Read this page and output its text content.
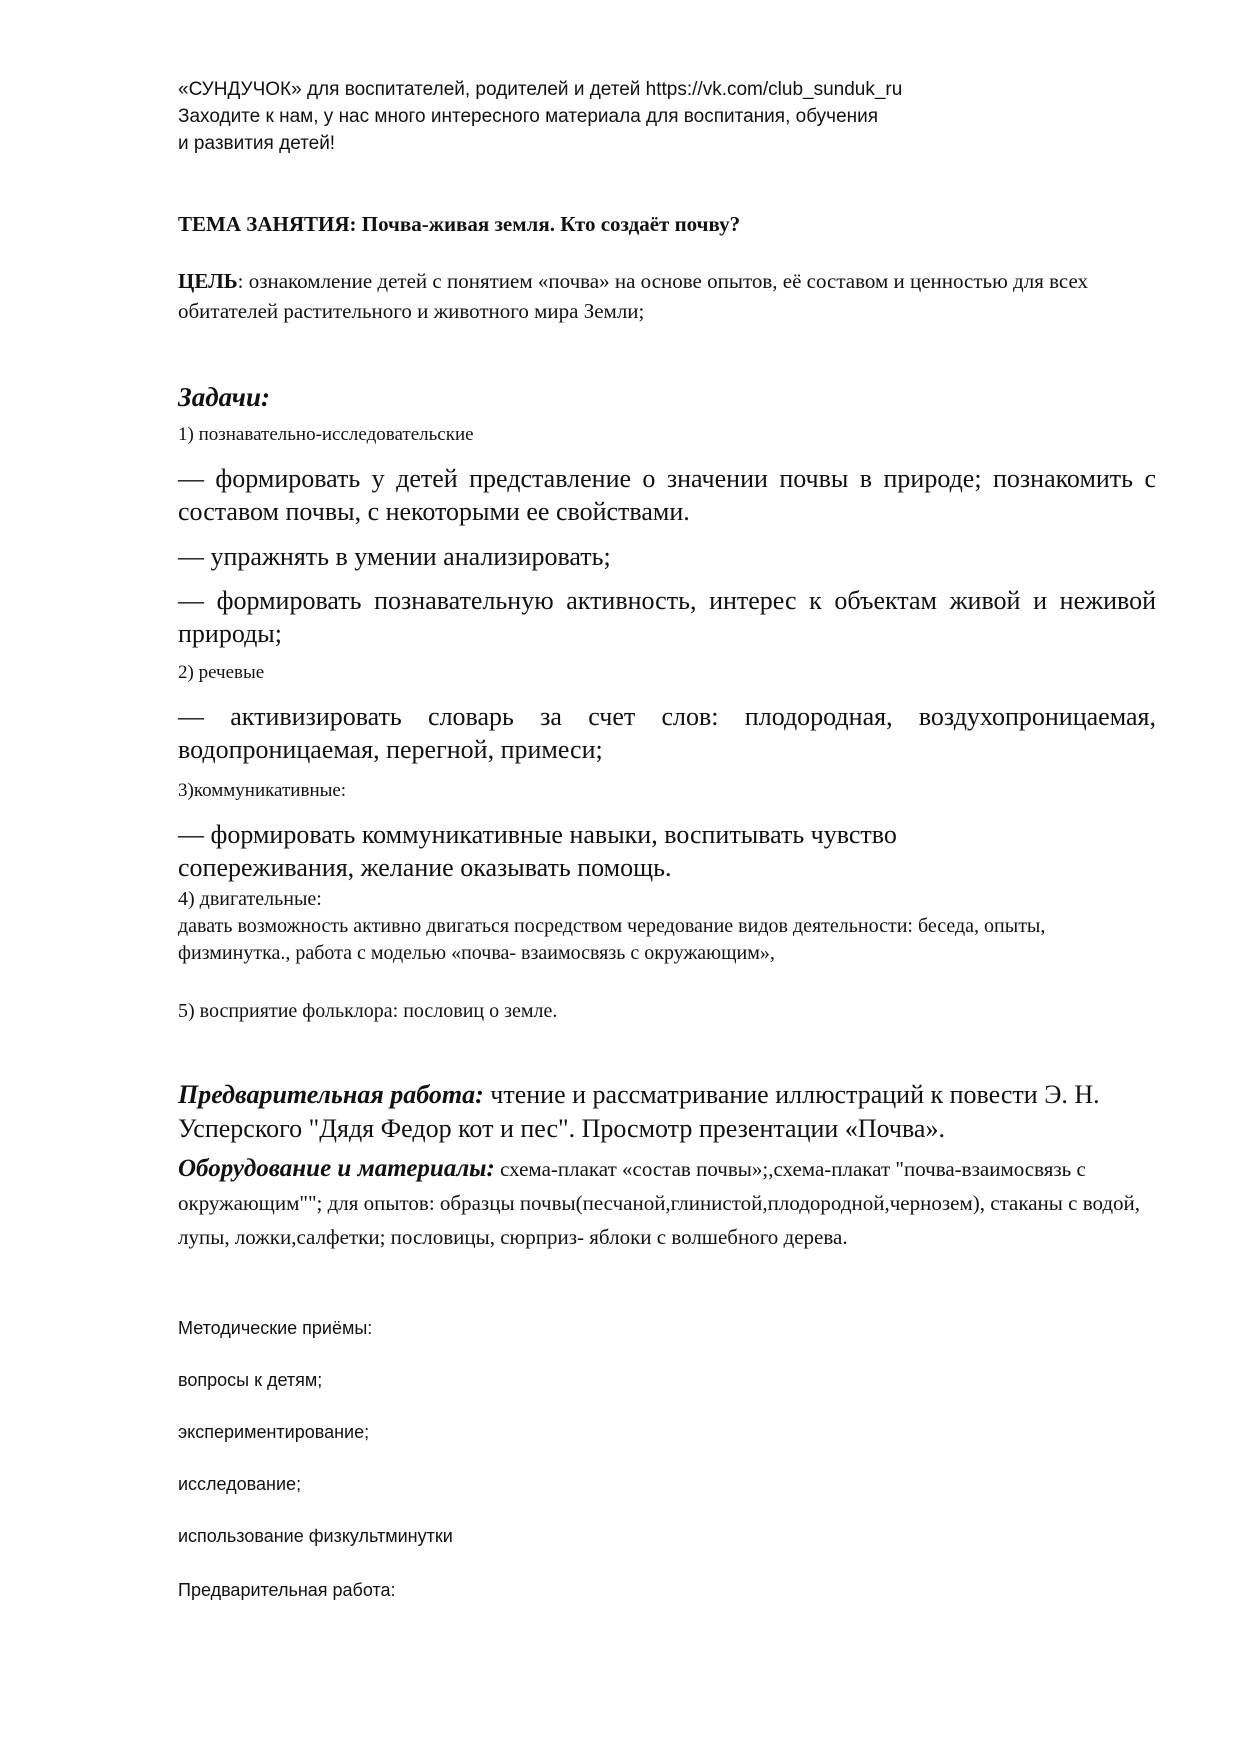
«СУНДУЧОК» для воспитателей, родителей и детей https://vk.com/club_sunduk_ru
Заходите к нам, у нас много интересного материала для воспитания, обучения
и развития детей!
ТЕМА ЗАНЯТИЯ: Почва-живая земля. Кто создаёт почву?
ЦЕЛЬ: ознакомление детей с понятием «почва» на основе опытов, её составом и ценностью для всех обитателей растительного и животного мира Земли;
Задачи:
1) познавательно-исследовательские
— формировать у детей представление о значении почвы в природе; познакомить с составом почвы, с некоторыми ее свойствами.
— упражнять в умении анализировать;
— формировать познавательную активность, интерес к объектам живой и неживой природы;
2) речевые
— активизировать словарь за счет слов: плодородная, воздухопроницаемая, водопроницаемая, перегной, примеси;
3)коммуникативные:
— формировать коммуникативные навыки, воспитывать чувство сопереживания, желание оказывать помощь.
4) двигательные:
давать возможность активно двигаться посредством чередование видов деятельности: беседа, опыты, физминутка., работа с моделью «почва- взаимосвязь с окружающим»,
5) восприятие фольклора: пословиц о земле.
Предварительная работа: чтение и рассматривание иллюстраций к повести Э. Н. Усперского "Дядя Федор кот и пес". Просмотр презентации «Почва».
Оборудование и материалы: схема-плакат «состав почвы»;,схема-плакат "почва-взаимосвязь с окружающим""; для опытов: образцы почвы(песчаной,глинистой,плодородной,чернозем), стаканы с водой, лупы, ложки,салфетки; пословицы, сюрприз- яблоки с волшебного дерева.
Методические приёмы:
вопросы к детям;
экспериментирование;
исследование;
использование физкультминутки
Предварительная работа:
